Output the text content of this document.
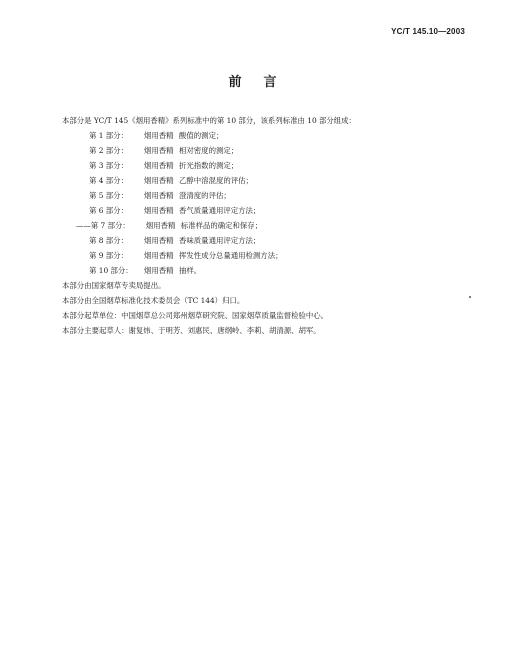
YC/T 145.10—2003
前言
本部分是 YC/T 145《烟用香精》系列标准中的第 10 部分，该系列标准由 10 部分组成：
第 1 部分： 烟用香精 酸值的测定；
第 2 部分： 烟用香精 相对密度的测定；
第 3 部分： 烟用香精 折光指数的测定；
第 4 部分： 烟用香精 乙醇中溶混度的评估；
第 5 部分： 烟用香精 澄清度的评估；
第 6 部分： 烟用香精 香气质量通用评定方法；
——第 7 部分： 烟用香精 标准样品的确定和保存；
第 8 部分： 烟用香精 香味质量通用评定方法；
第 9 部分： 烟用香精 挥发性成分总量通用检测方法；
第 10 部分： 烟用香精 抽样。
本部分由国家烟草专卖局提出。
本部分由全国烟草标准化技术委员会（TC 144）归口。
本部分起草单位：中国烟草总公司郑州烟草研究院、国家烟草质量监督检验中心。
本部分主要起草人：谢复炜、于明芳、刘惠民、唐纲岭、李莉、胡清源、胡军。
